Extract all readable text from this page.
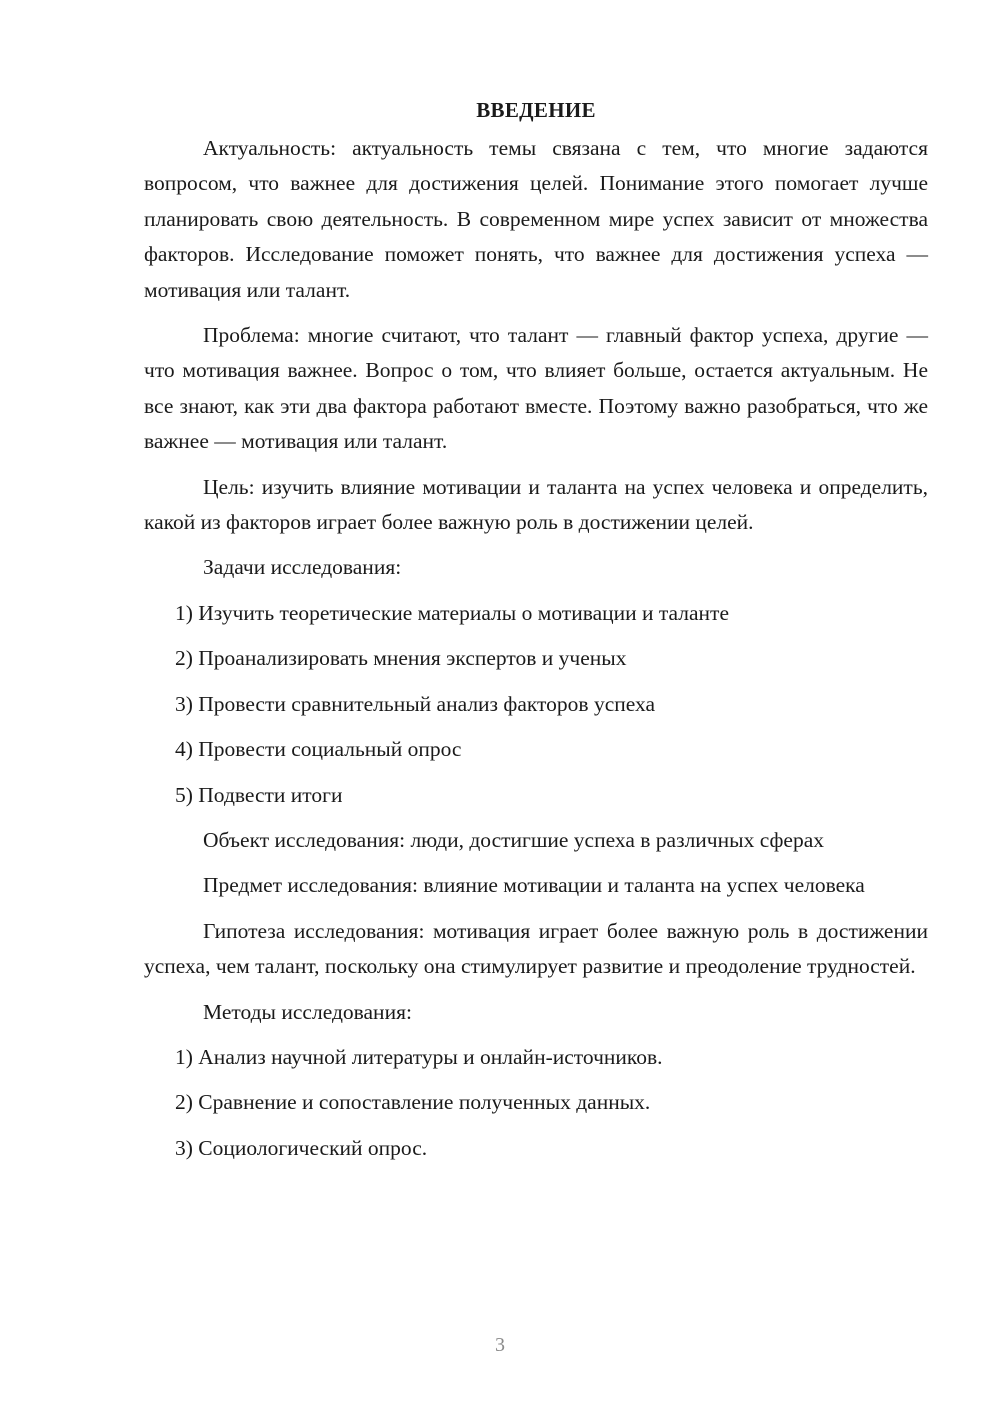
ВВЕДЕНИЕ

Актуальность: актуальность темы связана с тем, что многие задаются вопросом, что важнее для достижения целей. Понимание этого помогает лучше планировать свою деятельность. В современном мире успех зависит от множества факторов. Исследование поможет понять, что важнее для достижения успеха — мотивация или талант.

Проблема: многие считают, что талант — главный фактор успеха, другие — что мотивация важнее. Вопрос о том, что влияет больше, остается актуальным. Не все знают, как эти два фактора работают вместе. Поэтому важно разобраться, что же важнее — мотивация или талант.

Цель: изучить влияние мотивации и таланта на успех человека и определить, какой из факторов играет более важную роль в достижении целей.

Задачи исследования:
1) Изучить теоретические материалы о мотивации и таланте
2) Проанализировать мнения экспертов и ученых
3) Провести сравнительный анализ факторов успеха
4) Провести социальный опрос
5) Подвести итоги
Объект исследования: люди, достигшие успеха в различных сферах

Предмет исследования: влияние мотивации и таланта на успех человека

Гипотеза исследования: мотивация играет более важную роль в достижении успеха, чем талант, поскольку она стимулирует развитие и преодоление трудностей.

Методы исследования:
1) Анализ научной литературы и онлайн-источников.
2) Сравнение и сопоставление полученных данных.
3) Социологический опрос.
3
